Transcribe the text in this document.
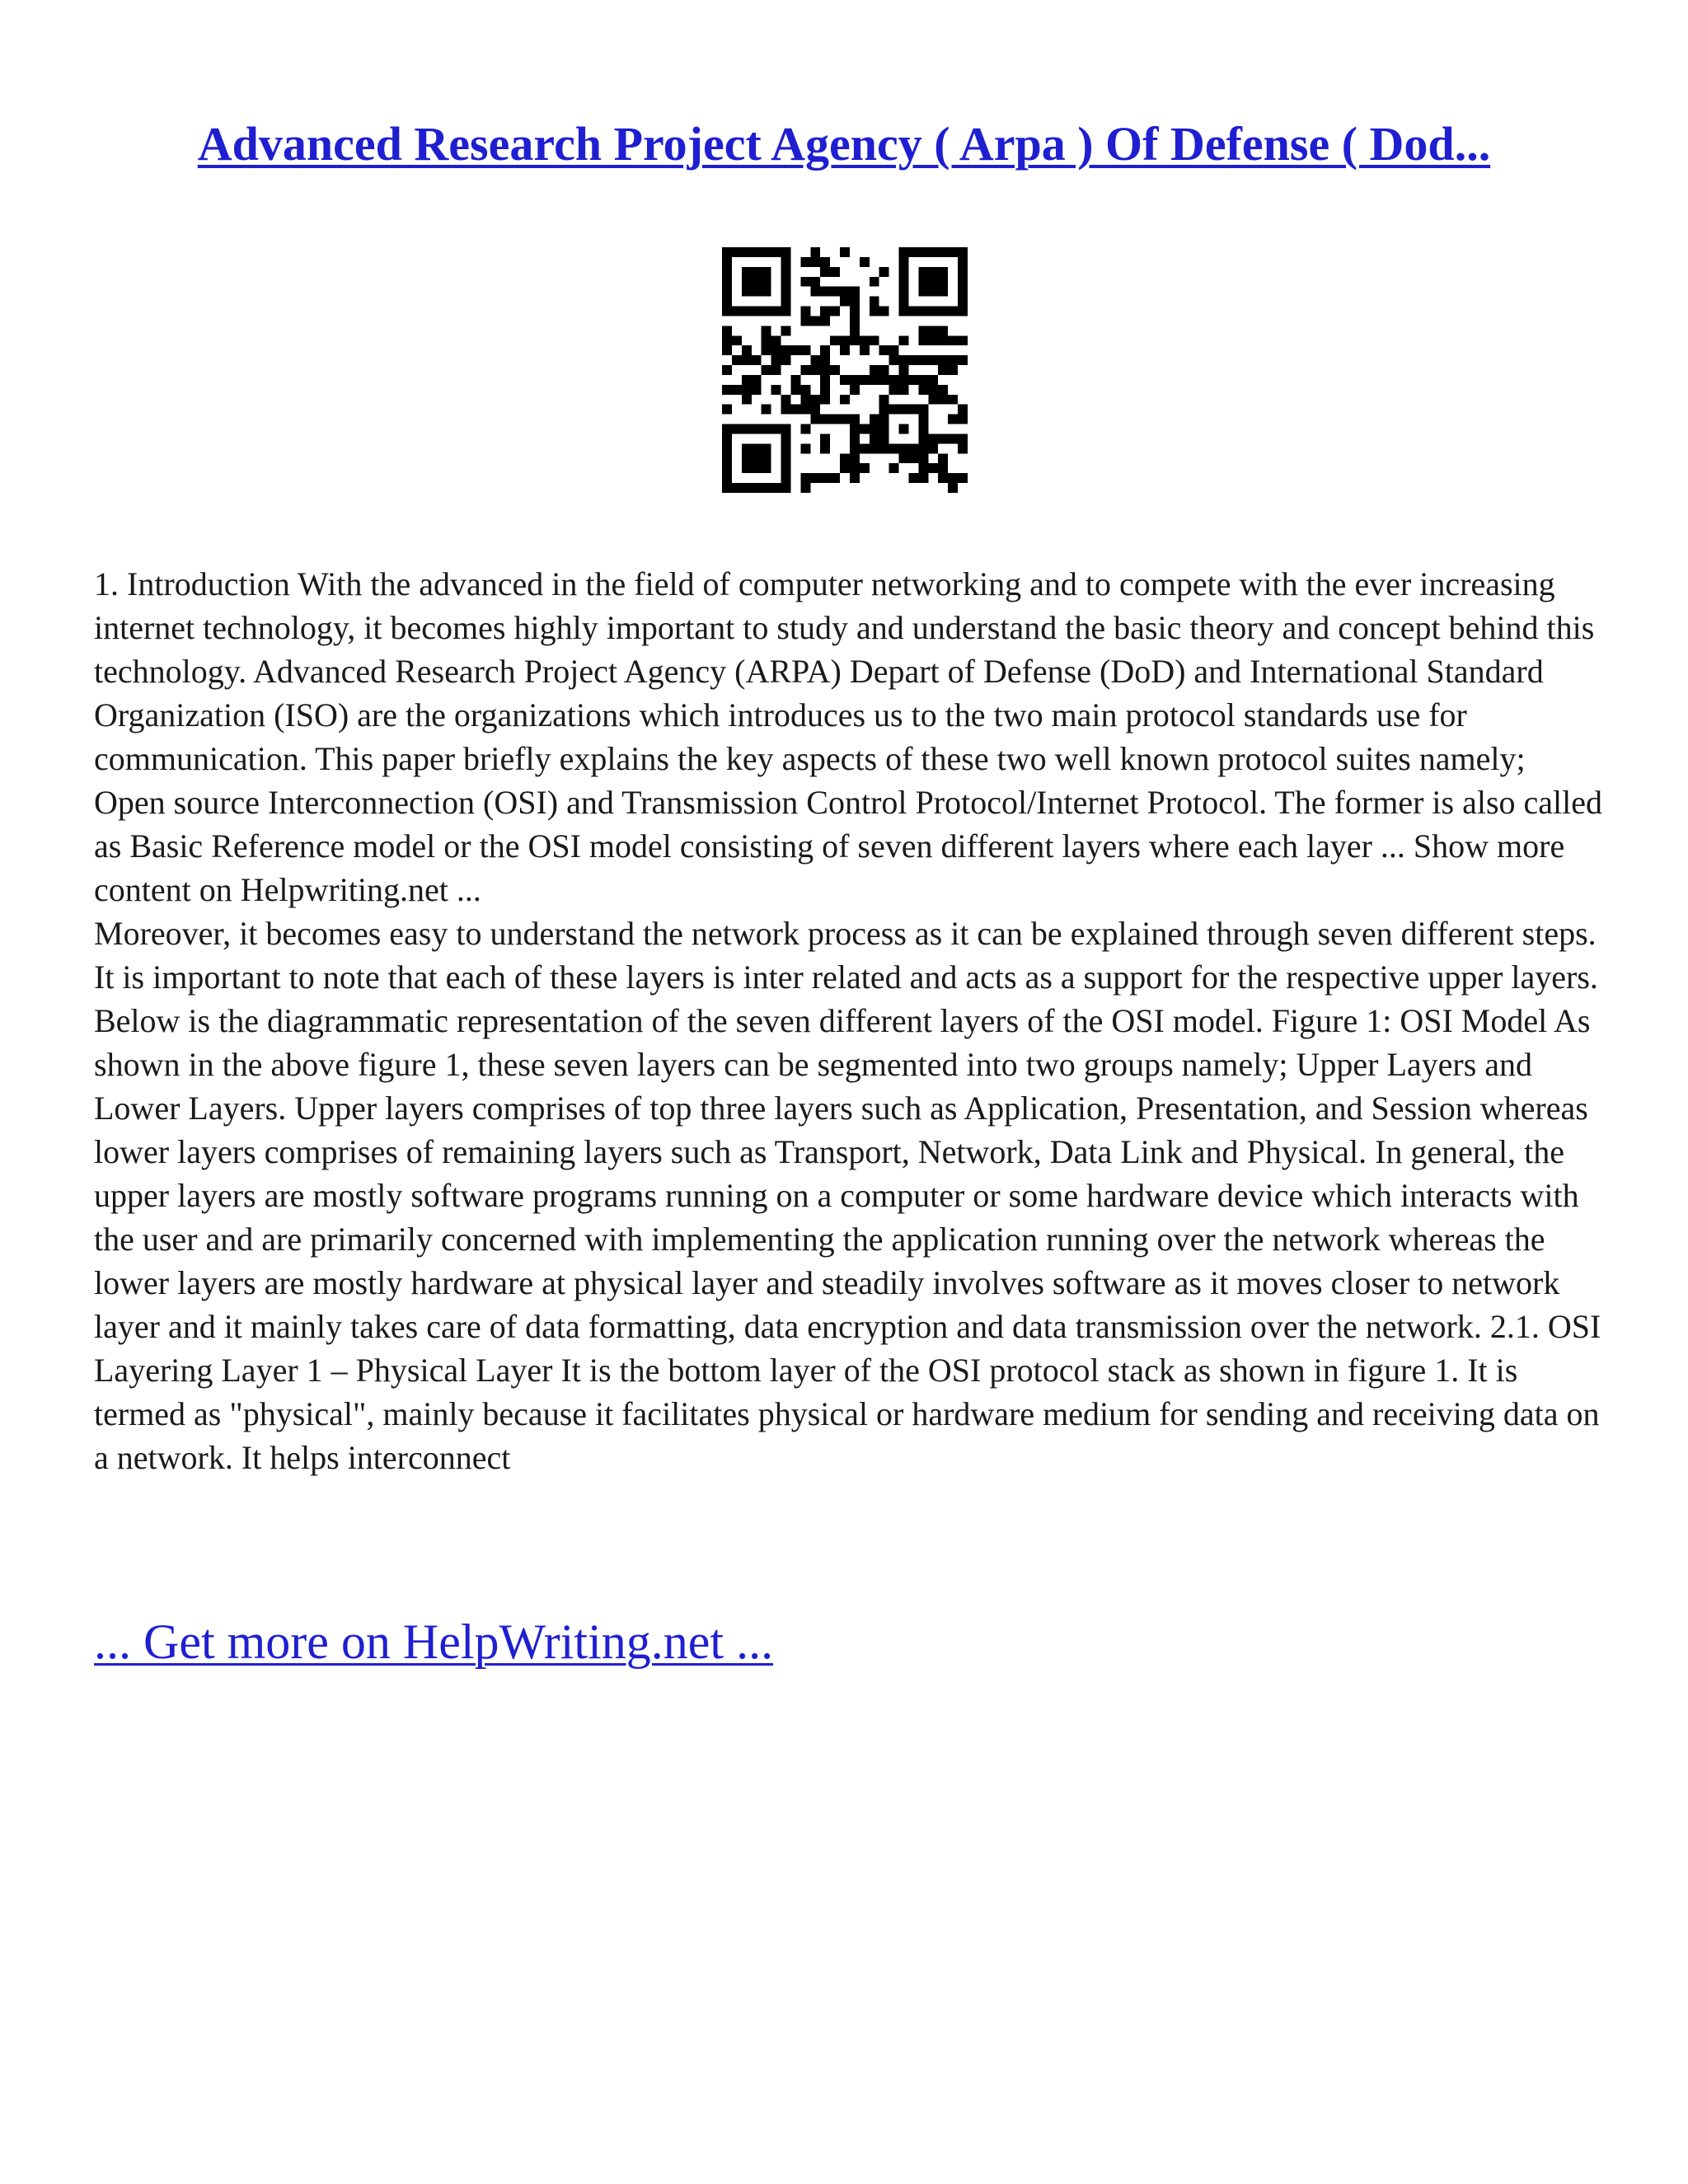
Advanced Research Project Agency ( Arpa ) Of Defense ( Dod...

1. Introduction With the advanced in the field of computer networking and to compete with the ever increasing internet technology, it becomes highly important to study and understand the basic theory and concept behind this technology. Advanced Research Project Agency (ARPA) Depart of Defense (DoD) and International Standard Organization (ISO) are the organizations which introduces us to the two main protocol standards use for communication. This paper briefly explains the key aspects of these two well known protocol suites namely; Open source Interconnection (OSI) and Transmission Control Protocol/Internet Protocol. The former is also called as Basic Reference model or the OSI model consisting of seven different layers where each layer ... Show more content on Helpwriting.net ...

Moreover, it becomes easy to understand the network process as it can be explained through seven different steps. It is important to note that each of these layers is inter related and acts as a support for the respective upper layers. Below is the diagrammatic representation of the seven different layers of the OSI model. Figure 1: OSI Model As shown in the above figure 1, these seven layers can be segmented into two groups namely; Upper Layers and Lower Layers. Upper layers comprises of top three layers such as Application, Presentation, and Session whereas lower layers comprises of remaining layers such as Transport, Network, Data Link and Physical. In general, the upper layers are mostly software programs running on a computer or some hardware device which interacts with the user and are primarily concerned with implementing the application running over the network whereas the lower layers are mostly hardware at physical layer and steadily involves software as it moves closer to network layer and it mainly takes care of data formatting, data encryption and data transmission over the network. 2.1. OSI Layering Layer 1 – Physical Layer It is the bottom layer of the OSI protocol stack as shown in figure 1. It is termed as "physical", mainly because it facilitates physical or hardware medium for sending and receiving data on a network. It helps interconnect

... Get more on HelpWriting.net ...
